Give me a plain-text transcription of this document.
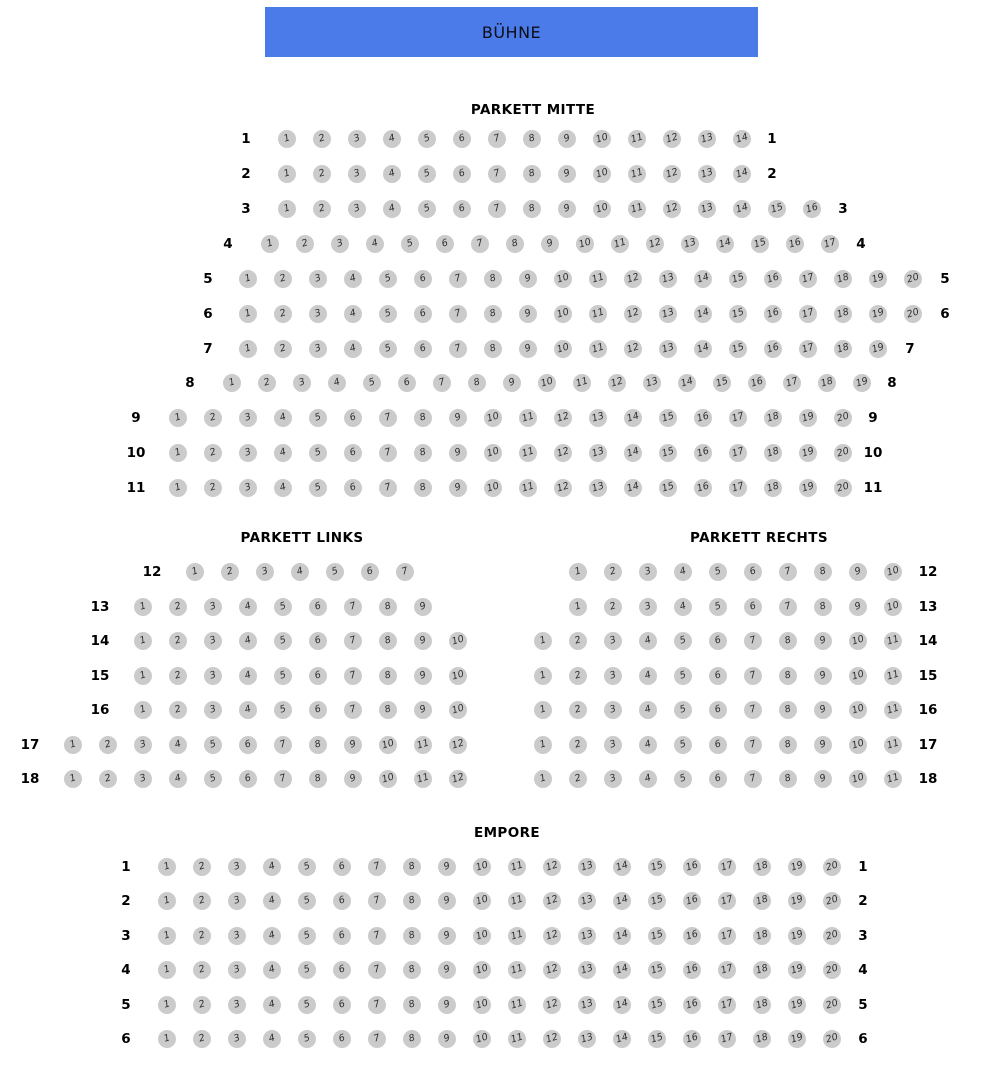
BÜHNE
PARKETT MITTE
PARKETT LINKS	PARKETT RECHTS
EMPORE
1	1	2	3	4	5	6	7	8	9 10 11 12 13 14 1
2	1	2	3	4	5	6	7	8	9 10 11 12 13 14 2
3	1	2	3	4	5	6	7	8	9 10 11 12 13 14 15 16 3
4	1	2	3	4	5	6	7	8	9 10 11 12 13 14 15 16 17 4
5	1	2	3	4	5	6	7	8	9 10 11 12 13 14 15 16 17 18 19 20 5
6	1	2	3	4	5	6	7	8	9 10 11 12 13 14 15 16 17 18 19 20 6
7	1	2	3	4	5	6	7	8	9 10 11 12 13 14 15 16 17 18 19 7
8	1	2	3	4	5	6	7	8	9 10 11 12 13 14 15 16 17 18 19 8
9	1	2	3	4	5	6	7	8	9 10 11 12 13 14 15 16 17 18 19 20 9
10	1	2	3	4	5	6	7	8	9 10 11 12 13 14 15 16 17 18 19 20 10
11	1	2	3	4	5	6	7	8	9 10 11 12 13 14 15 16 17 18 19 20 11
12	1	2	3	4	5	6	7
13	1	2	3	4	5	6	7	8	9
14	1	2	3	4	5	6	7	8	9 10
15	1	2	3	4	5	6	7	8	9 10
16	1	2	3	4	5	6	7	8	9 10
17	1	2	3	4	5	6	7	8	9 10 11 12
18	1	2	3	4	5	6	7	8	9 10 11 12
1	2	3	4	5	6	7	8	9 10 12
1	2	3	4	5	6	7	8	9 10 13
1	2	3	4	5	6	7	8	9 10 11 14
1	2	3	4	5	6	7	8	9 10 11 15
1	2	3	4	5	6	7	8	9 10 11 16
1	2	3	4	5	6	7	8	9 10 11 17
1	2	3	4	5	6	7	8	9 10 11 18
1	1	2	3	4	5	6	7	8	9 10 11 12 13 14 15 16 17 18 19 20 1
2	1	2	3	4	5	6	7	8	9 10 11 12 13 14 15 16 17 18 19 20 2
3	1	2	3	4	5	6	7	8	9 10 11 12 13 14 15 16 17 18 19 20 3
4	1	2	3	4	5	6	7	8	9 10 11 12 13 14 15 16 17 18 19 20 4
5	1	2	3	4	5	6	7	8	9 10 11 12 13 14 15 16 17 18 19 20 5
6	1	2	3	4	5	6	7	8	9 10 11 12 13 14 15 16 17 18 19 20 6
